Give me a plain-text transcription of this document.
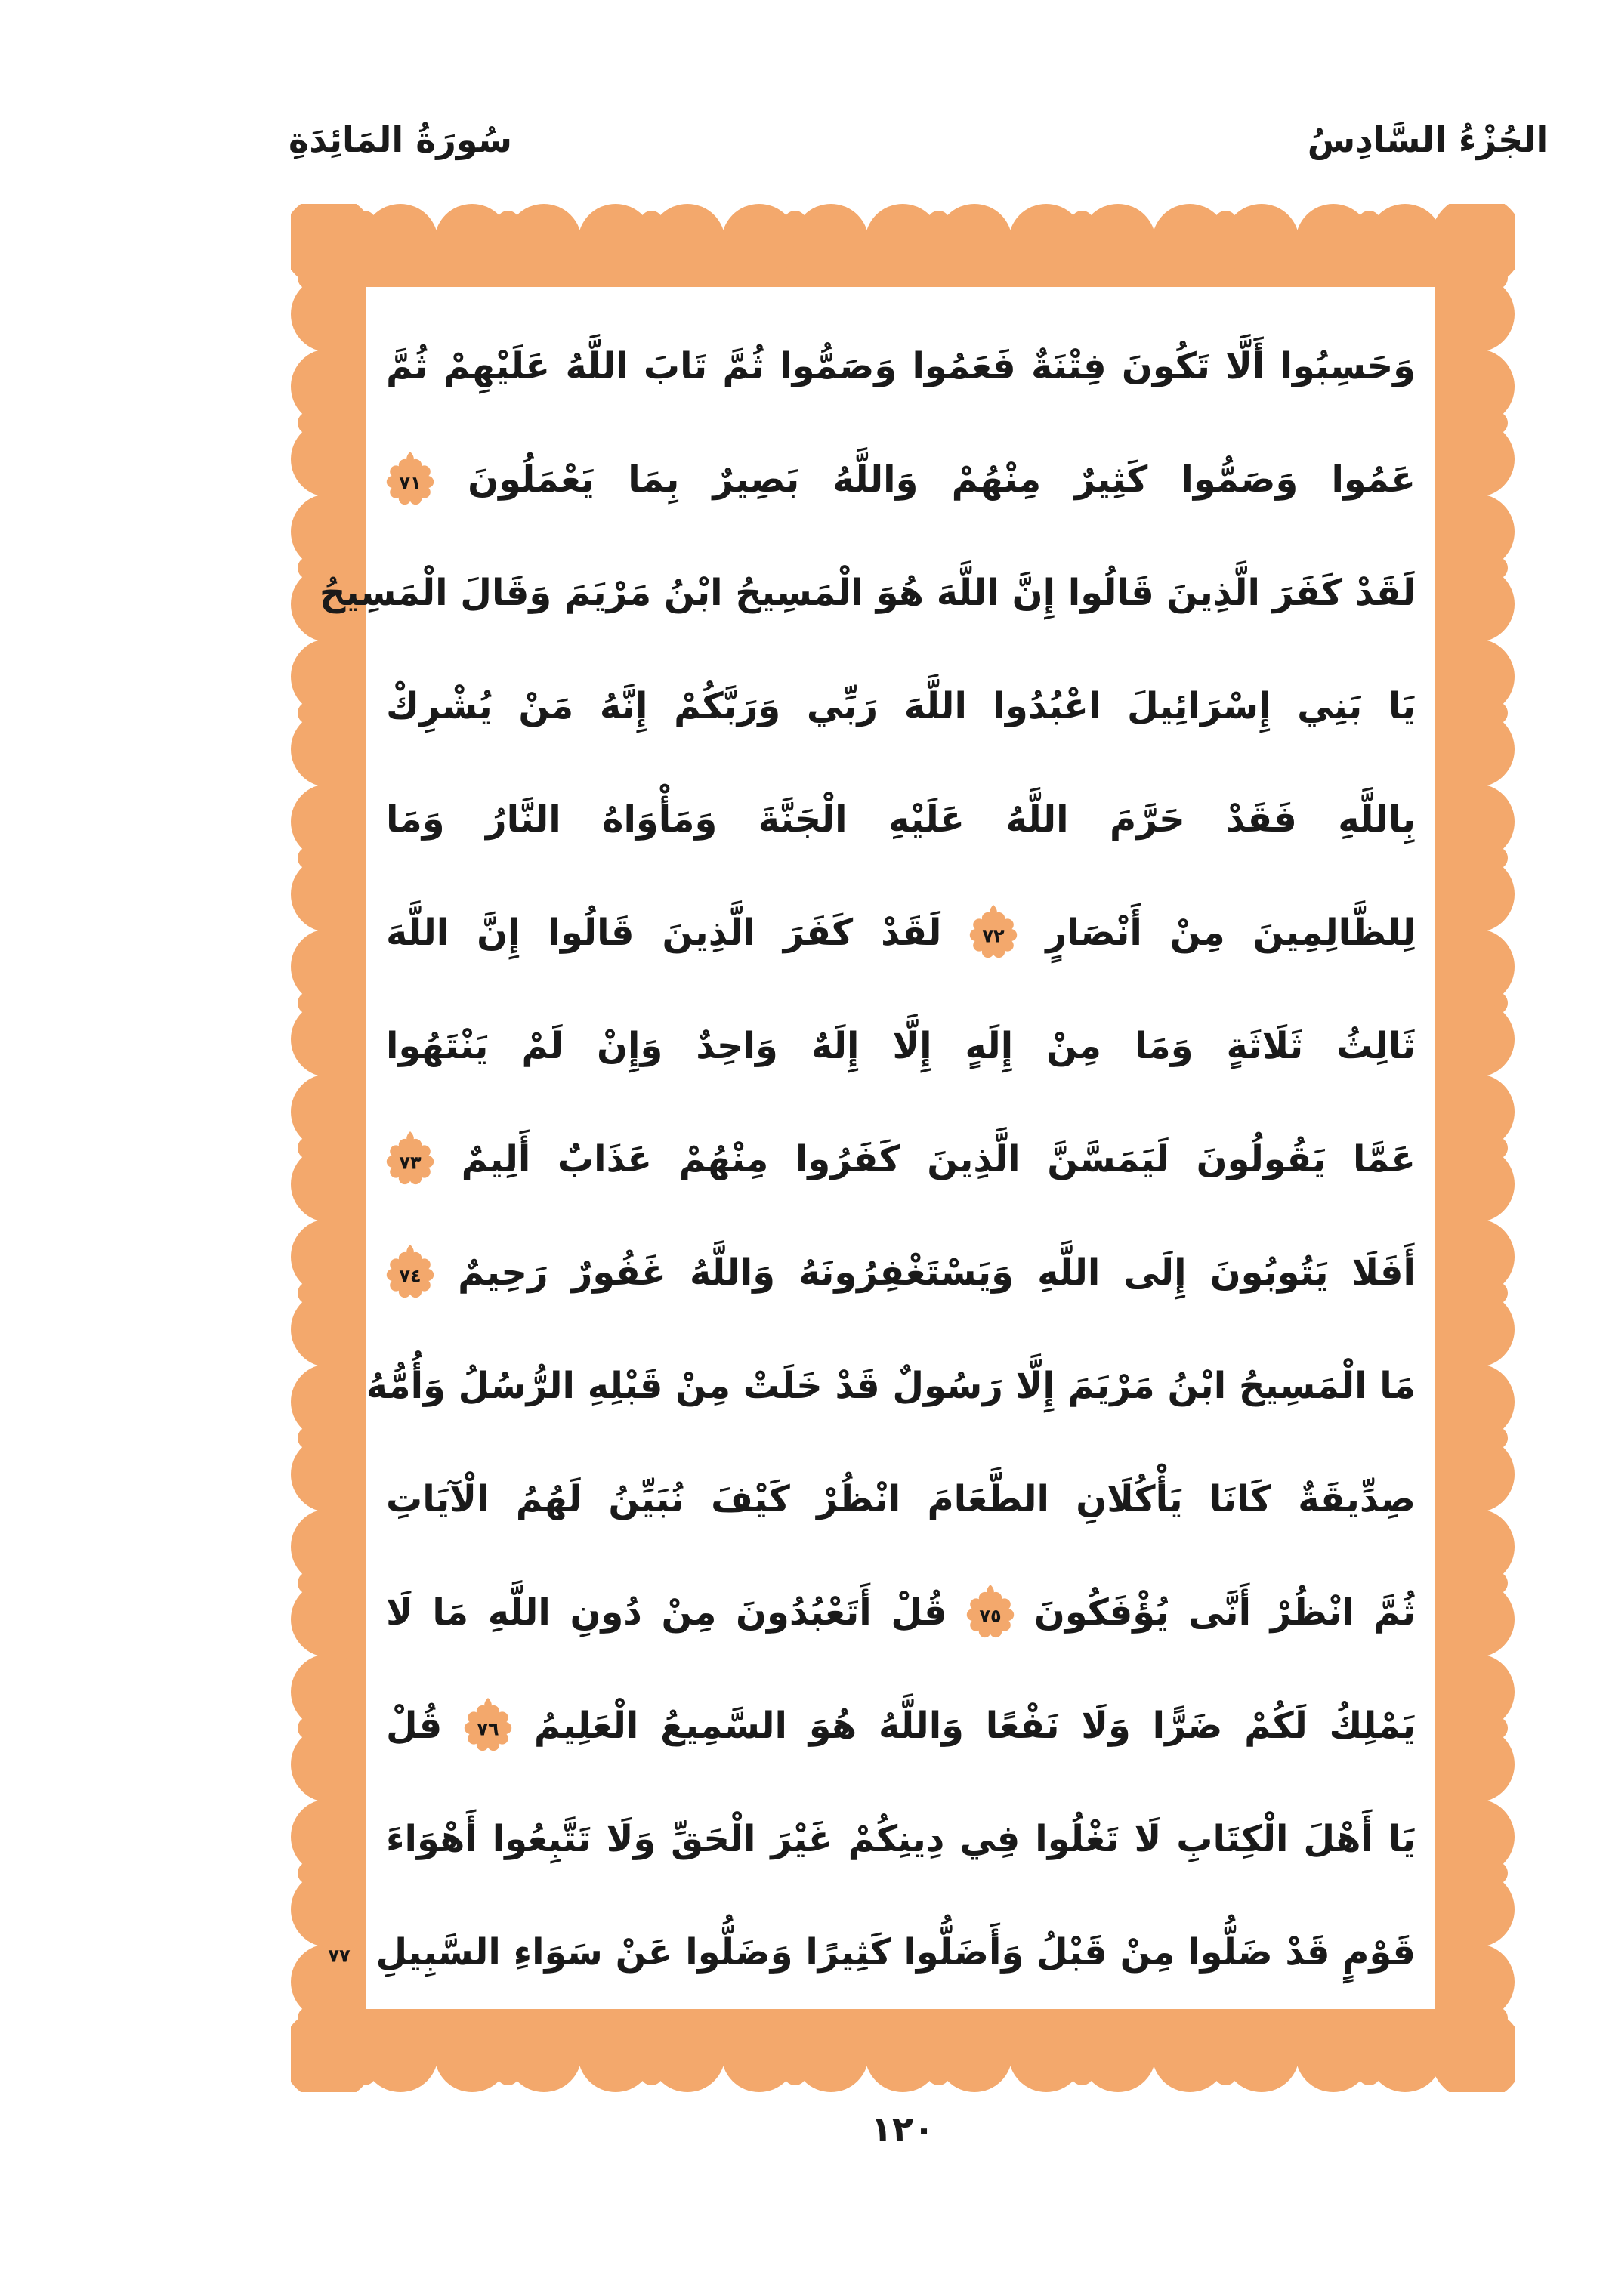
سُورَةُ المَائِدَةِ	الجُزْءُ السَّادِسُ
وَحَسِبُوا أَلَّا تَكُونَ فِتْنَةٌ فَعَمُوا وَصَمُّوا ثُمَّ تَابَ اللَّهُ عَلَيْهِمْ ثُمَّ
عَمُوا وَصَمُّوا كَثِيرٌ مِنْهُمْ وَاللَّهُ بَصِيرٌ بِمَا يَعْمَلُونَ
٧١
لَقَدْ كَفَرَ الَّذِينَ قَالُوا إِنَّ اللَّهَ هُوَ الْمَسِيحُ ابْنُ مَرْيَمَ وَقَالَ الْمَسِيحُ
يَا بَنِي إِسْرَائِيلَ اعْبُدُوا اللَّهَ رَبِّي وَرَبَّكُمْ إِنَّهُ مَنْ يُشْرِكْ
بِاللَّهِ فَقَدْ حَرَّمَ اللَّهُ عَلَيْهِ الْجَنَّةَ وَمَأْوَاهُ النَّارُ وَمَا
لِلظَّالِمِينَ مِنْ أَنْصَارٍ
٧٢
لَقَدْ كَفَرَ الَّذِينَ قَالُوا إِنَّ اللَّهَ
ثَالِثُ ثَلَاثَةٍ وَمَا مِنْ إِلَهٍ إِلَّا إِلَهٌ وَاحِدٌ وَإِنْ لَمْ يَنْتَهُوا
عَمَّا يَقُولُونَ لَيَمَسَّنَّ الَّذِينَ كَفَرُوا مِنْهُمْ عَذَابٌ أَلِيمٌ
٧٣
أَفَلَا يَتُوبُونَ إِلَى اللَّهِ وَيَسْتَغْفِرُونَهُ وَاللَّهُ غَفُورٌ رَحِيمٌ
٧٤
مَا الْمَسِيحُ ابْنُ مَرْيَمَ إِلَّا رَسُولٌ قَدْ خَلَتْ مِنْ قَبْلِهِ الرُّسُلُ وَأُمُّهُ
صِدِّيقَةٌ كَانَا يَأْكُلَانِ الطَّعَامَ انْظُرْ كَيْفَ نُبَيِّنُ لَهُمُ الْآيَاتِ
ثُمَّ انْظُرْ أَنَّى يُؤْفَكُونَ
٧٥
قُلْ أَتَعْبُدُونَ مِنْ دُونِ اللَّهِ مَا لَا
يَمْلِكُ لَكُمْ ضَرًّا وَلَا نَفْعًا وَاللَّهُ هُوَ السَّمِيعُ الْعَلِيمُ
٧٦
قُلْ
يَا أَهْلَ الْكِتَابِ لَا تَغْلُوا فِي دِينِكُمْ غَيْرَ الْحَقِّ وَلَا تَتَّبِعُوا أَهْوَاءَ
قَوْمٍ قَدْ ضَلُّوا مِنْ قَبْلُ وَأَضَلُّوا كَثِيرًا وَضَلُّوا عَنْ سَوَاءِ السَّبِيلِ
٧٧
١٢٠
